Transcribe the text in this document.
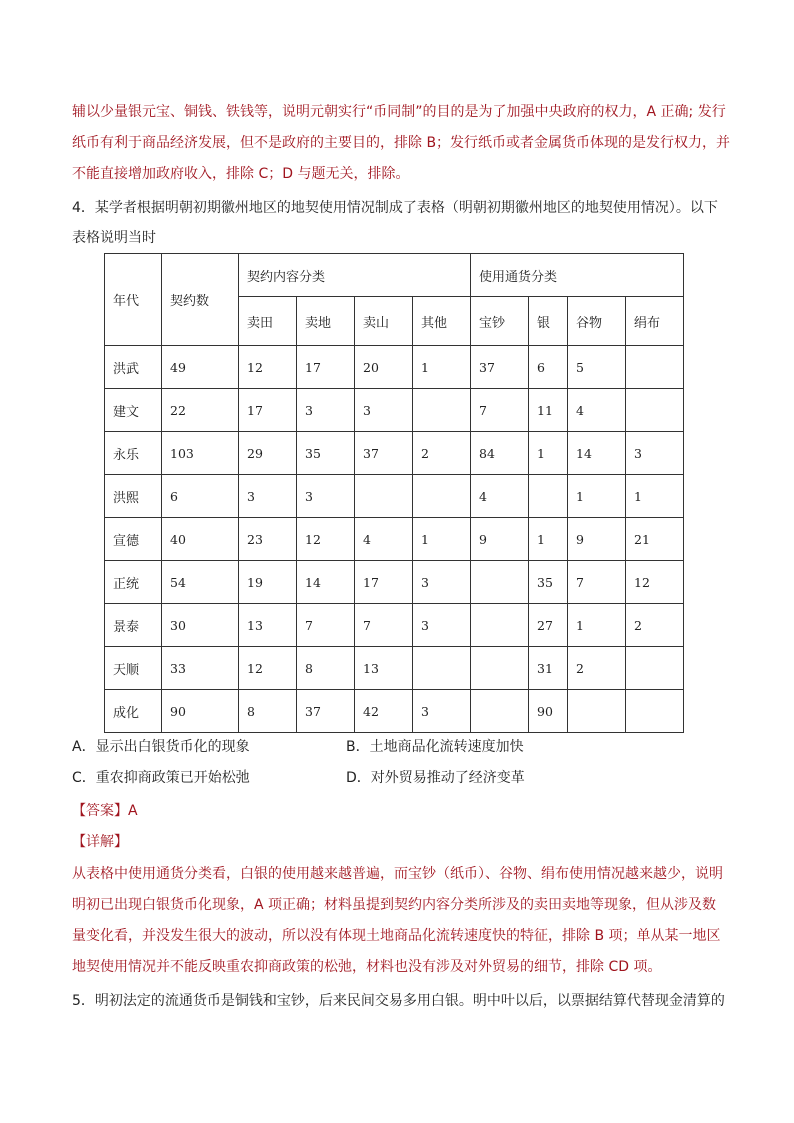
辅以少量银元宝、铜钱、铁钱等，说明元朝实行“币同制”的目的是为了加强中央政府的权力，A 正确; 发行
纸币有利于商品经济发展，但不是政府的主要目的，排除 B；发行纸币或者金属货币体现的是发行权力，并
不能直接增加政府收入，排除 C；D 与题无关，排除。
4．某学者根据明朝初期徽州地区的地契使用情况制成了表格（明朝初期徽州地区的地契使用情况）。以下
表格说明当时
年代	契约数	契约内容分类				使用通货分类			
		卖田	卖地	卖山	其他	宝钞	银	谷物	绢布
洪武	49	12	17	20	1	37	6	5	
建文	22	17	3	3		7	11	4	
永乐	103	29	35	37	2	84	1	14	3
洪熙	6	3	3			4		1	1
宣德	40	23	12	4	1	9	1	9	21
正统	54	19	14	17	3		35	7	12
景泰	30	13	7	7	3		27	1	2
天顺	33	12	8	13			31	2	
成化	90	8	37	42	3		90		
A．显示出白银货币化的现象	B．土地商品化流转速度加快
C．重农抑商政策已开始松弛	D．对外贸易推动了经济变革
【答案】A
【详解】
从表格中使用通货分类看，白银的使用越来越普遍，而宝钞（纸币）、谷物、绢布使用情况越来越少，说明
明初已出现白银货币化现象，A 项正确；材料虽提到契约内容分类所涉及的卖田卖地等现象，但从涉及数
量变化看，并没发生很大的波动，所以没有体现土地商品化流转速度快的特征，排除 B 项；单从某一地区
地契使用情况并不能反映重农抑商政策的松弛，材料也没有涉及对外贸易的细节，排除 CD 项。
5．明初法定的流通货币是铜钱和宝钞，后来民间交易多用白银。明中叶以后，以票据结算代替现金清算的
